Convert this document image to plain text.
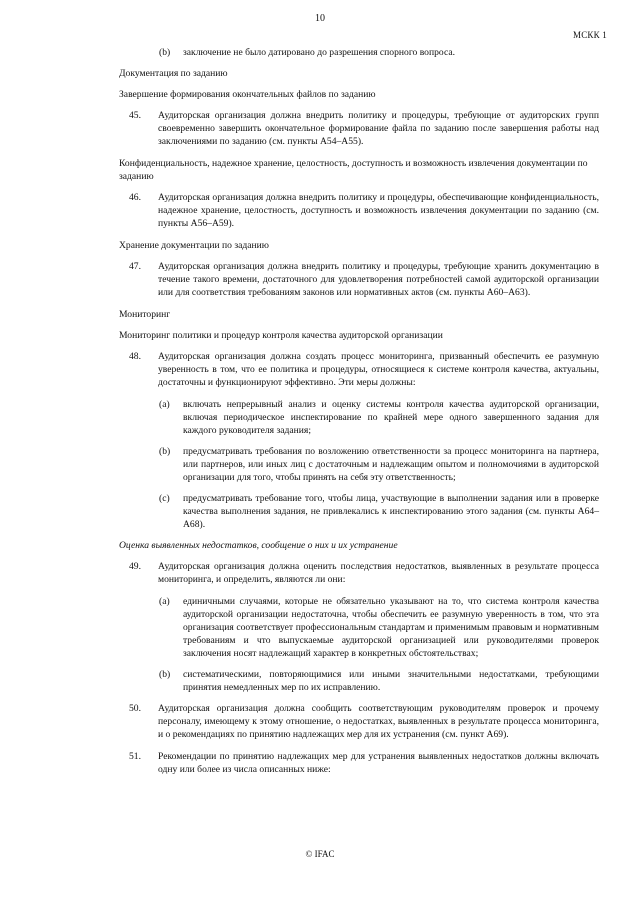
10
МСКК 1
(b) заключение не было датировано до разрешения спорного вопроса.
Документация по заданию
Завершение формирования окончательных файлов по заданию
45. Аудиторская организация должна внедрить политику и процедуры, требующие от аудиторских групп своевременно завершить окончательное формирование файла по заданию после завершения работы над заключениями по заданию (см. пункты А54–А55).
Конфиденциальность, надежное хранение, целостность, доступность и возможность извлечения документации по заданию
46. Аудиторская организация должна внедрить политику и процедуры, обеспечивающие конфиденциальность, надежное хранение, целостность, доступность и возможность извлечения документации по заданию (см. пункты А56–А59).
Хранение документации по заданию
47. Аудиторская организация должна внедрить политику и процедуры, требующие хранить документацию в течение такого времени, достаточного для удовлетворения потребностей самой аудиторской организации или для соответствия требованиям законов или нормативных актов (см. пункты А60–А63).
Мониторинг
Мониторинг политики и процедур контроля качества аудиторской организации
48. Аудиторская организация должна создать процесс мониторинга, призванный обеспечить ее разумную уверенность в том, что ее политика и процедуры, относящиеся к системе контроля качества, актуальны, достаточны и функционируют эффективно. Эти меры должны:
(a) включать непрерывный анализ и оценку системы контроля качества аудиторской организации, включая периодическое инспектирование по крайней мере одного завершенного задания для каждого руководителя задания;
(b) предусматривать требования по возложению ответственности за процесс мониторинга на партнера, или партнеров, или иных лиц с достаточным и надлежащим опытом и полномочиями в аудиторской организации для того, чтобы принять на себя эту ответственность;
(c) предусматривать требование того, чтобы лица, участвующие в выполнении задания или в проверке качества выполнения задания, не привлекались к инспектированию этого задания (см. пункты А64–А68).
Оценка выявленных недостатков, сообщение о них и их устранение
49. Аудиторская организация должна оценить последствия недостатков, выявленных в результате процесса мониторинга, и определить, являются ли они:
(a) единичными случаями, которые не обязательно указывают на то, что система контроля качества аудиторской организации недостаточна, чтобы обеспечить ее разумную уверенность в том, что эта организация соответствует профессиональным стандартам и применимым правовым и нормативным требованиям и что выпускаемые аудиторской организацией или руководителями проверок заключения носят надлежащий характер в конкретных обстоятельствах;
(b) систематическими, повторяющимися или иными значительными недостатками, требующими принятия немедленных мер по их исправлению.
50. Аудиторская организация должна сообщить соответствующим руководителям проверок и прочему персоналу, имеющему к этому отношение, о недостатках, выявленных в результате процесса мониторинга, и о рекомендациях по принятию надлежащих мер для их устранения (см. пункт А69).
51. Рекомендации по принятию надлежащих мер для устранения выявленных недостатков должны включать одну или более из числа описанных ниже:
© IFAC
